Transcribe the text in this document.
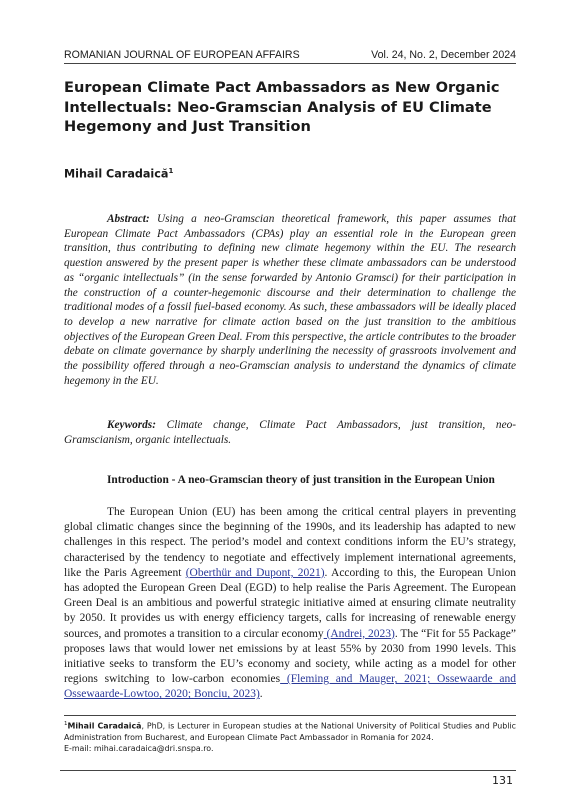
ROMANIAN JOURNAL OF EUROPEAN AFFAIRS	Vol. 24, No. 2, December 2024
European Climate Pact Ambassadors as New Organic Intellectuals: Neo-Gramscian Analysis of EU Climate Hegemony and Just Transition
Mihail Caradaică$^1$

Abstract: Using a neo-Gramscian theoretical framework, this paper assumes that European Climate Pact Ambassadors (CPAs) play an essential role in the European green transition, thus contributing to defining new climate hegemony within the EU. The research question answered by the present paper is whether these climate ambassadors can be understood as “organic intellectuals” (in the sense forwarded by Antonio Gramsci) for their participation in the construction of a counter-hegemonic discourse and their determination to challenge the traditional modes of a fossil fuel-based economy. As such, these ambassadors will be ideally placed to develop a new narrative for climate action based on the just transition to the ambitious objectives of the European Green Deal. From this perspective, the article contributes to the broader debate on climate governance by sharply underlining the necessity of grassroots involvement and the possibility offered through a neo-Gramscian analysis to understand the dynamics of climate hegemony in the EU.

Keywords: Climate change, Climate Pact Ambassadors, just transition, neo-Gramscianism, organic intellectuals.

Introduction - A neo-Gramscian theory of just transition in the European Union

The European Union (EU) has been among the critical central players in preventing global climatic changes since the beginning of the 1990s, and its leadership has adapted to new challenges in this respect. The period’s model and context conditions inform the EU’s strategy, characterised by the tendency to negotiate and effectively implement international agreements, like the Paris Agreement (Oberthür and Dupont, 2021). According to this, the European Union has adopted the European Green Deal (EGD) to help realise the Paris Agreement. The European Green Deal is an ambitious and powerful strategic initiative aimed at ensuring climate neutrality by 2050. It provides us with energy efficiency targets, calls for increasing of renewable energy sources, and promotes a transition to a circular economy (Andrei, 2023). The “Fit for 55 Package” proposes laws that would lower net emissions by at least 55% by 2030 from 1990 levels. This initiative seeks to transform the EU’s economy and society, while acting as a model for other regions switching to low-carbon economies (Fleming and Mauger, 2021; Ossewaarde and Ossewaarde-Lowtoo, 2020; Bonciu, 2023).

$^1$Mihail Caradaică, PhD, is Lecturer in European studies at the National University of Political Studies and Public Administration from Bucharest, and European Climate Pact Ambassador in Romania for 2024.
E-mail: mihai.caradaica@dri.snspa.ro.

131
